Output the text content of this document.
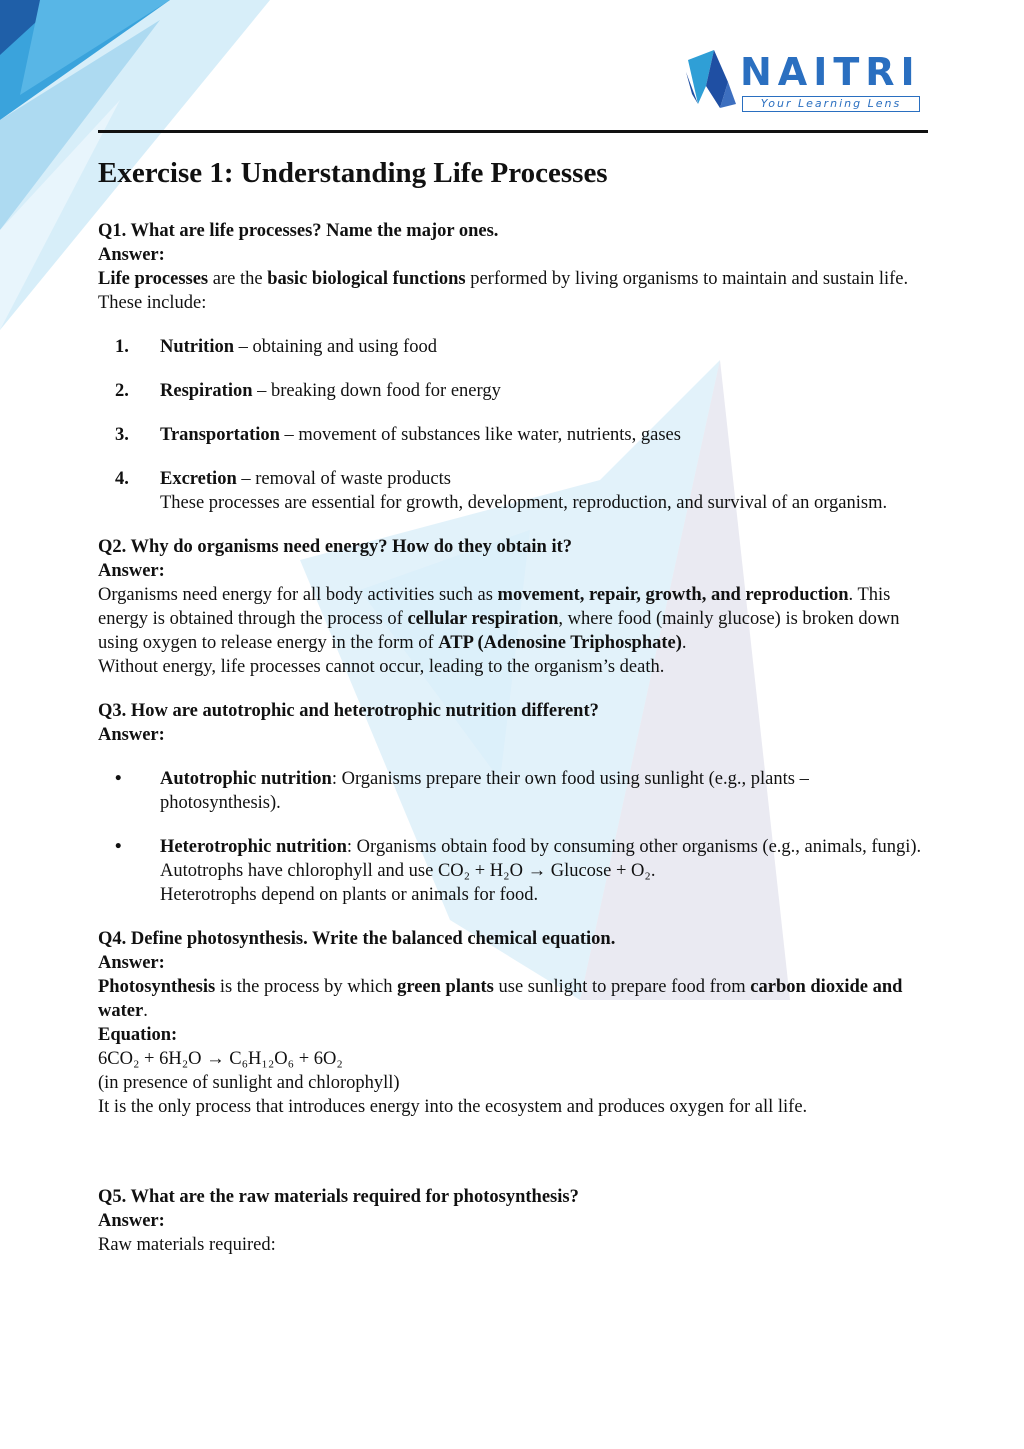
NAITRI
Your Learning Lens
Exercise 1: Understanding Life Processes

Q1. What are life processes? Name the major ones.

Answer:

Life processes are the basic biological functions performed by living organisms to maintain and sustain life.

These include:

1. Nutrition – obtaining and using food
2. Respiration – breaking down food for energy
3. Transportation – movement of substances like water, nutrients, gases
4. Excretion – removal of waste products
These processes are essential for growth, development, reproduction, and survival of an organism.

Q2. Why do organisms need energy? How do they obtain it?

Answer:

Organisms need energy for all body activities such as movement, repair, growth, and reproduction. This energy is obtained through the process of cellular respiration, where food (mainly glucose) is broken down using oxygen to release energy in the form of ATP (Adenosine Triphosphate).

Without energy, life processes cannot occur, leading to the organism’s death.

Q3. How are autotrophic and heterotrophic nutrition different?

Answer:

• Autotrophic nutrition: Organisms prepare their own food using sunlight (e.g., plants – photosynthesis).
• Heterotrophic nutrition: Organisms obtain food by consuming other organisms (e.g., animals, fungi).
Autotrophs have chlorophyll and use CO₂ + H₂O → Glucose + O₂.
Heterotrophs depend on plants or animals for food.

Q4. Define photosynthesis. Write the balanced chemical equation.

Answer:

Photosynthesis is the process by which green plants use sunlight to prepare food from carbon dioxide and water.

Equation:

6CO₂ + 6H₂O → C₆H₁₂O₆ + 6O₂

(in presence of sunlight and chlorophyll)

It is the only process that introduces energy into the ecosystem and produces oxygen for all life.

Q5. What are the raw materials required for photosynthesis?

Answer:

Raw materials required:
